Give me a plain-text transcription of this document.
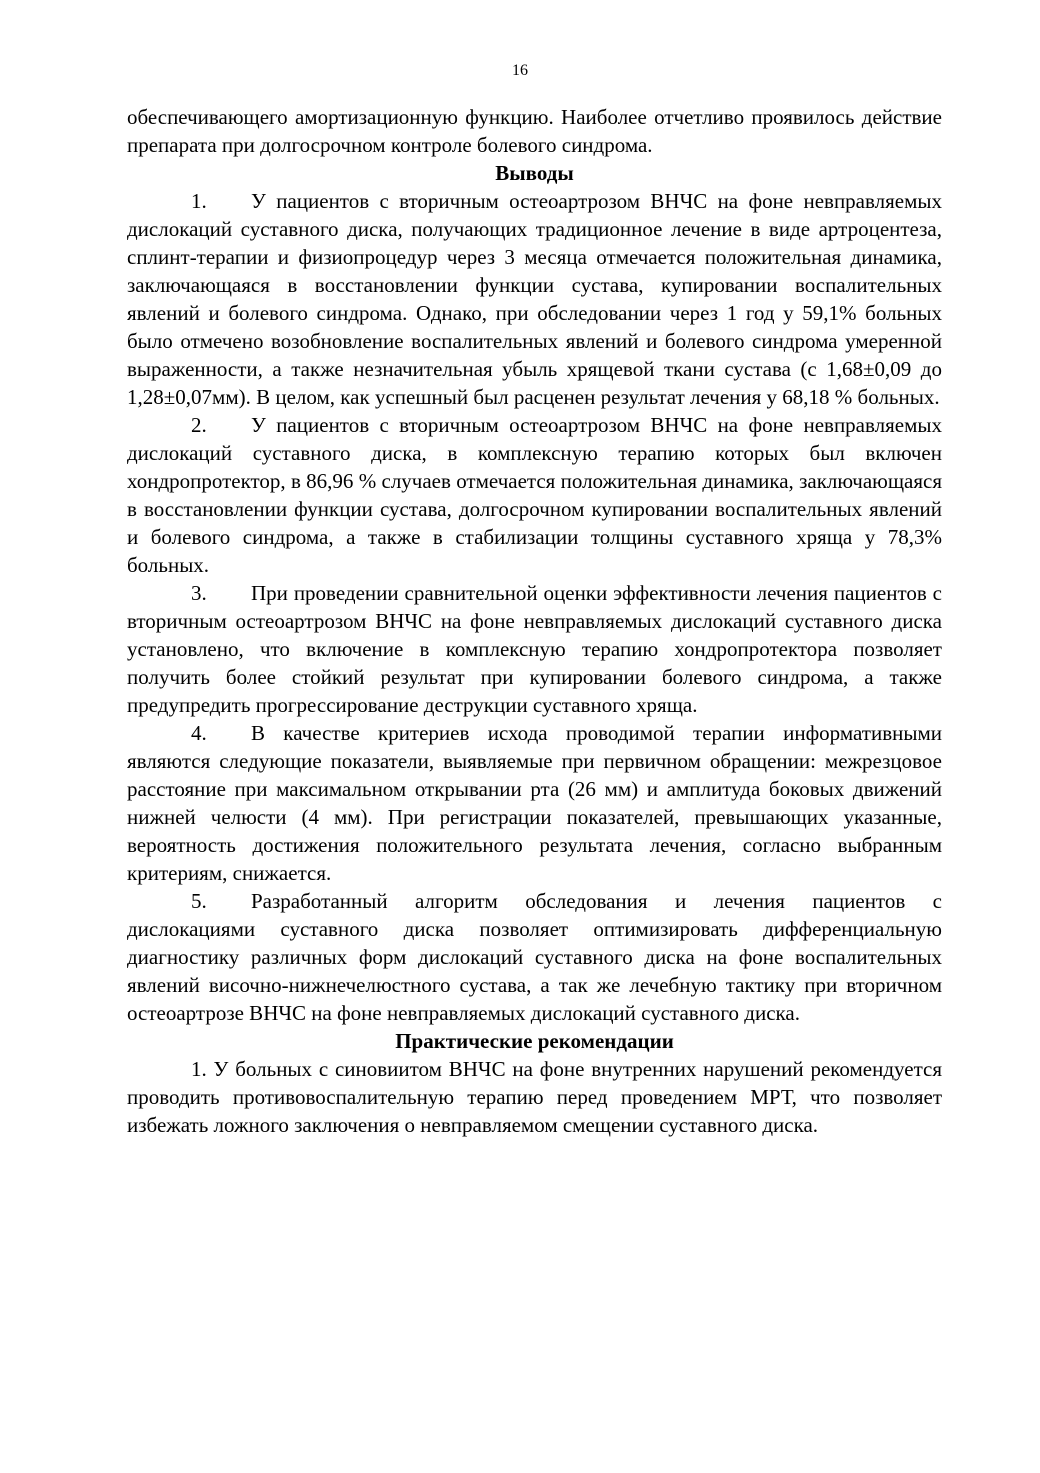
16

обеспечивающего амортизационную функцию. Наиболее отчетливо проявилось действие препарата при долгосрочном контроле болевого синдрома.

Выводы

1. У пациентов с вторичным остеоартрозом ВНЧС на фоне невправляемых дислокаций суставного диска, получающих традиционное лечение в виде артроцентеза, сплинт-терапии и физиопроцедур через 3 месяца отмечается положительная динамика, заключающаяся в восстановлении функции сустава, купировании воспалительных явлений и болевого синдрома. Однако, при обследовании через 1 год у 59,1% больных было отмечено возобновление воспалительных явлений и болевого синдрома умеренной выраженности, а также незначительная убыль хрящевой ткани сустава (с 1,68±0,09 до 1,28±0,07мм). В целом, как успешный был расценен результат лечения у 68,18 % больных.

2. У пациентов с вторичным остеоартрозом ВНЧС на фоне невправляемых дислокаций суставного диска, в комплексную терапию которых был включен хондропротектор, в 86,96 % случаев отмечается положительная динамика, заключающаяся в восстановлении функции сустава, долгосрочном купировании воспалительных явлений и болевого синдрома, а также в стабилизации толщины суставного хряща у 78,3% больных.

3. При проведении сравнительной оценки эффективности лечения пациентов с вторичным остеоартрозом ВНЧС на фоне невправляемых дислокаций суставного диска установлено, что включение в комплексную терапию хондропротектора позволяет получить более стойкий результат при купировании болевого синдрома, а также предупредить прогрессирование деструкции суставного хряща.

4. В качестве критериев исхода проводимой терапии информативными являются следующие показатели, выявляемые при первичном обращении: межрезцовое расстояние при максимальном открывании рта (26 мм) и амплитуда боковых движений нижней челюсти (4 мм). При регистрации показателей, превышающих указанные, вероятность достижения положительного результата лечения, согласно выбранным критериям, снижается.

5. Разработанный алгоритм обследования и лечения пациентов с дислокациями суставного диска позволяет оптимизировать дифференциальную диагностику различных форм дислокаций суставного диска на фоне воспалительных явлений височно-нижнечелюстного сустава, а так же лечебную тактику при вторичном остеоартрозе ВНЧС на фоне невправляемых дислокаций суставного диска.

Практические рекомендации

1. У больных с синовиитом ВНЧС на фоне внутренних нарушений рекомендуется проводить противовоспалительную терапию перед проведением МРТ, что позволяет избежать ложного заключения о невправляемом смещении суставного диска.
